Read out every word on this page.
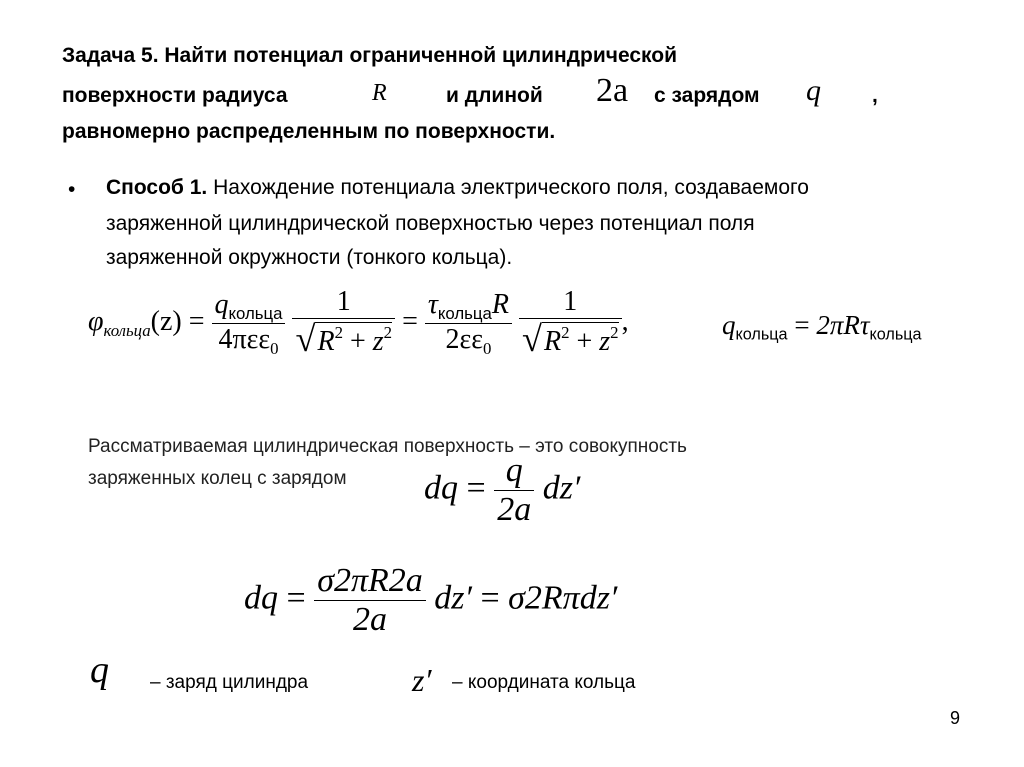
Задача 5. Найти потенциал ограниченной цилиндрической
поверхности радиуса	R	и длиной 2a с зарядом q ,
равномерно распределенным по поверхности.
• Способ 1. Нахождение потенциала электрического поля, создаваемого
заряженной цилиндрической поверхностью через потенциал поля
заряженной окружности (тонкого кольца).
$\varphi_{кольца}(z) = \frac{q_{кольца}}{4\pi\varepsilon\varepsilon_0}$
$\frac{1}{√R^2 + z^2} = \frac{\tau_{кольца}R}{2\varepsilon\varepsilon_0}$
$\frac{1}{√R^2 + z^2}$ ,	$q_{кольца} = 2\pi R\tau_{кольца}$
Рассматриваемая цилиндрическая поверхность – это совокупность
заряженных колец с зарядом dq = $\frac{q}{2a} dz'$
dq = $\frac{\sigma 2\pi R2a}{2a} dz' = \sigma 2R\pi dz'$
q – заряд цилиндра	z′ – координата кольца
9
